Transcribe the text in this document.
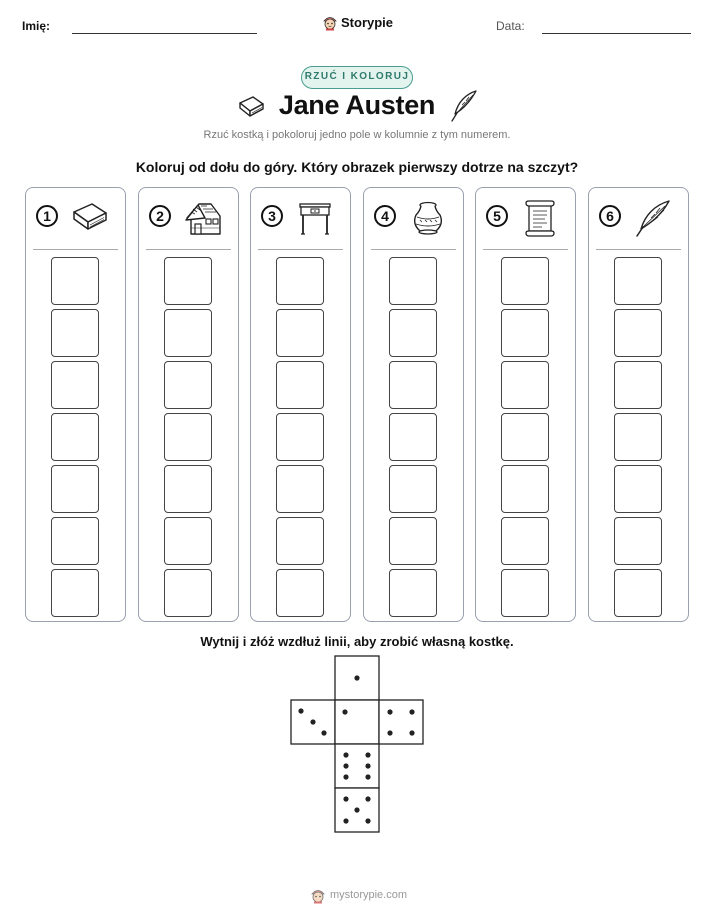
Imię:	Storypie	Data:
RZUĆ I KOLORUJ
Jane Austen
Rzuć kostką i pokoloruj jedno pole w kolumnie z tym numerem.
Koloruj od dołu do góry. Który obrazek pierwszy dotrze na szczyt?
1	2	3	4	5	6
Wytnij i złóż wzdłuż linii, aby zrobić własną kostkę.
mystorypie.com
